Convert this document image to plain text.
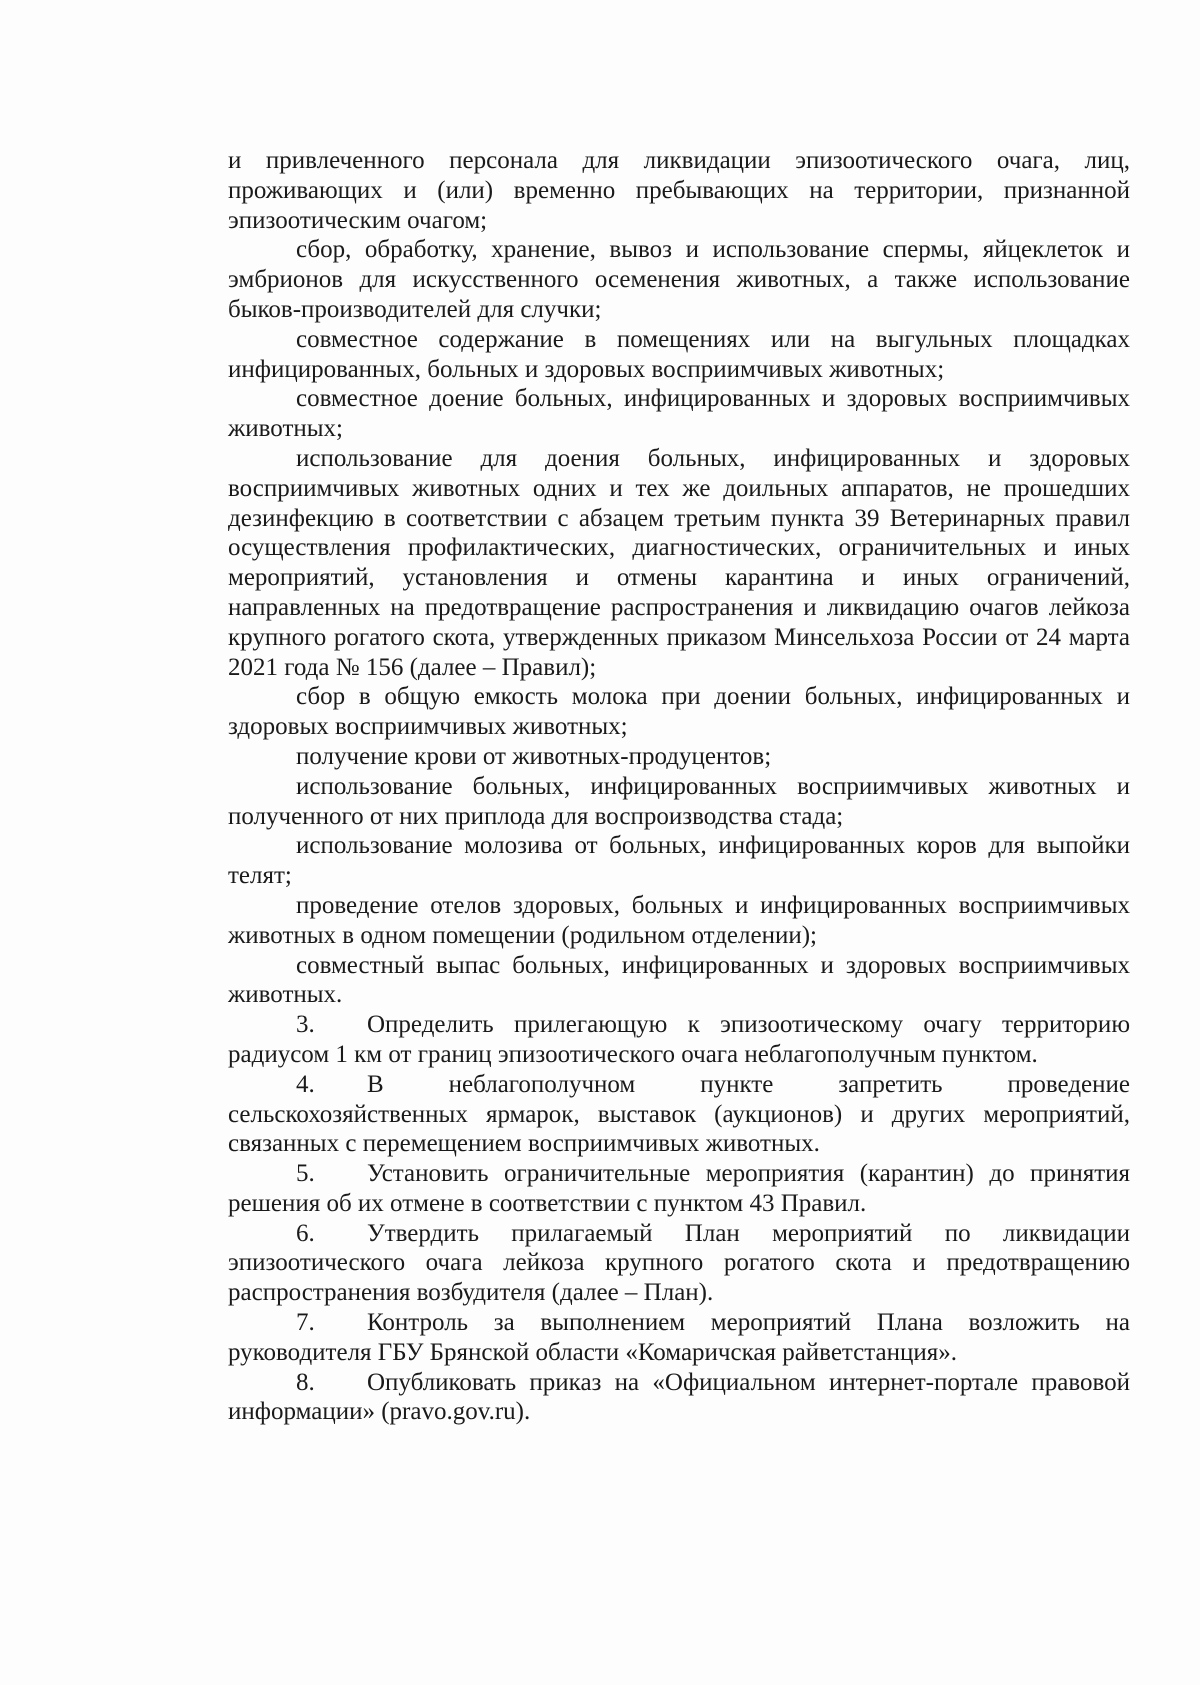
и привлеченного персонала для ликвидации эпизоотического очага, лиц, проживающих и (или) временно пребывающих на территории, признанной эпизоотическим очагом;

сбор, обработку, хранение, вывоз и использование спермы, яйцеклеток и эмбрионов для искусственного осеменения животных, а также использование быков-производителей для случки;

совместное содержание в помещениях или на выгульных площадках инфицированных, больных и здоровых восприимчивых животных;

совместное доение больных, инфицированных и здоровых восприимчивых животных;

использование для доения больных, инфицированных и здоровых восприимчивых животных одних и тех же доильных аппаратов, не прошедших дезинфекцию в соответствии с абзацем третьим пункта 39 Ветеринарных правил осуществления профилактических, диагностических, ограничительных и иных мероприятий, установления и отмены карантина и иных ограничений, направленных на предотвращение распространения и ликвидацию очагов лейкоза крупного рогатого скота, утвержденных приказом Минсельхоза России от 24 марта 2021 года № 156 (далее – Правил);

сбор в общую емкость молока при доении больных, инфицированных и здоровых восприимчивых животных;

получение крови от животных-продуцентов;

использование больных, инфицированных восприимчивых животных и полученного от них приплода для воспроизводства стада;

использование молозива от больных, инфицированных коров для выпойки телят;

проведение отелов здоровых, больных и инфицированных восприимчивых животных в одном помещении (родильном отделении);

совместный выпас больных, инфицированных и здоровых восприимчивых животных.

3. Определить прилегающую к эпизоотическому очагу территорию радиусом 1 км от границ эпизоотического очага неблагополучным пунктом.

4. В неблагополучном пункте запретить проведение сельскохозяйственных ярмарок, выставок (аукционов) и других мероприятий, связанных с перемещением восприимчивых животных.

5. Установить ограничительные мероприятия (карантин) до принятия решения об их отмене в соответствии с пунктом 43 Правил.

6. Утвердить прилагаемый План мероприятий по ликвидации эпизоотического очага лейкоза крупного рогатого скота и предотвращению распространения возбудителя (далее – План).

7. Контроль за выполнением мероприятий Плана возложить на руководителя ГБУ Брянской области «Комаричская райветстанция».

8. Опубликовать приказ на «Официальном интернет-портале правовой информации» (pravo.gov.ru).
